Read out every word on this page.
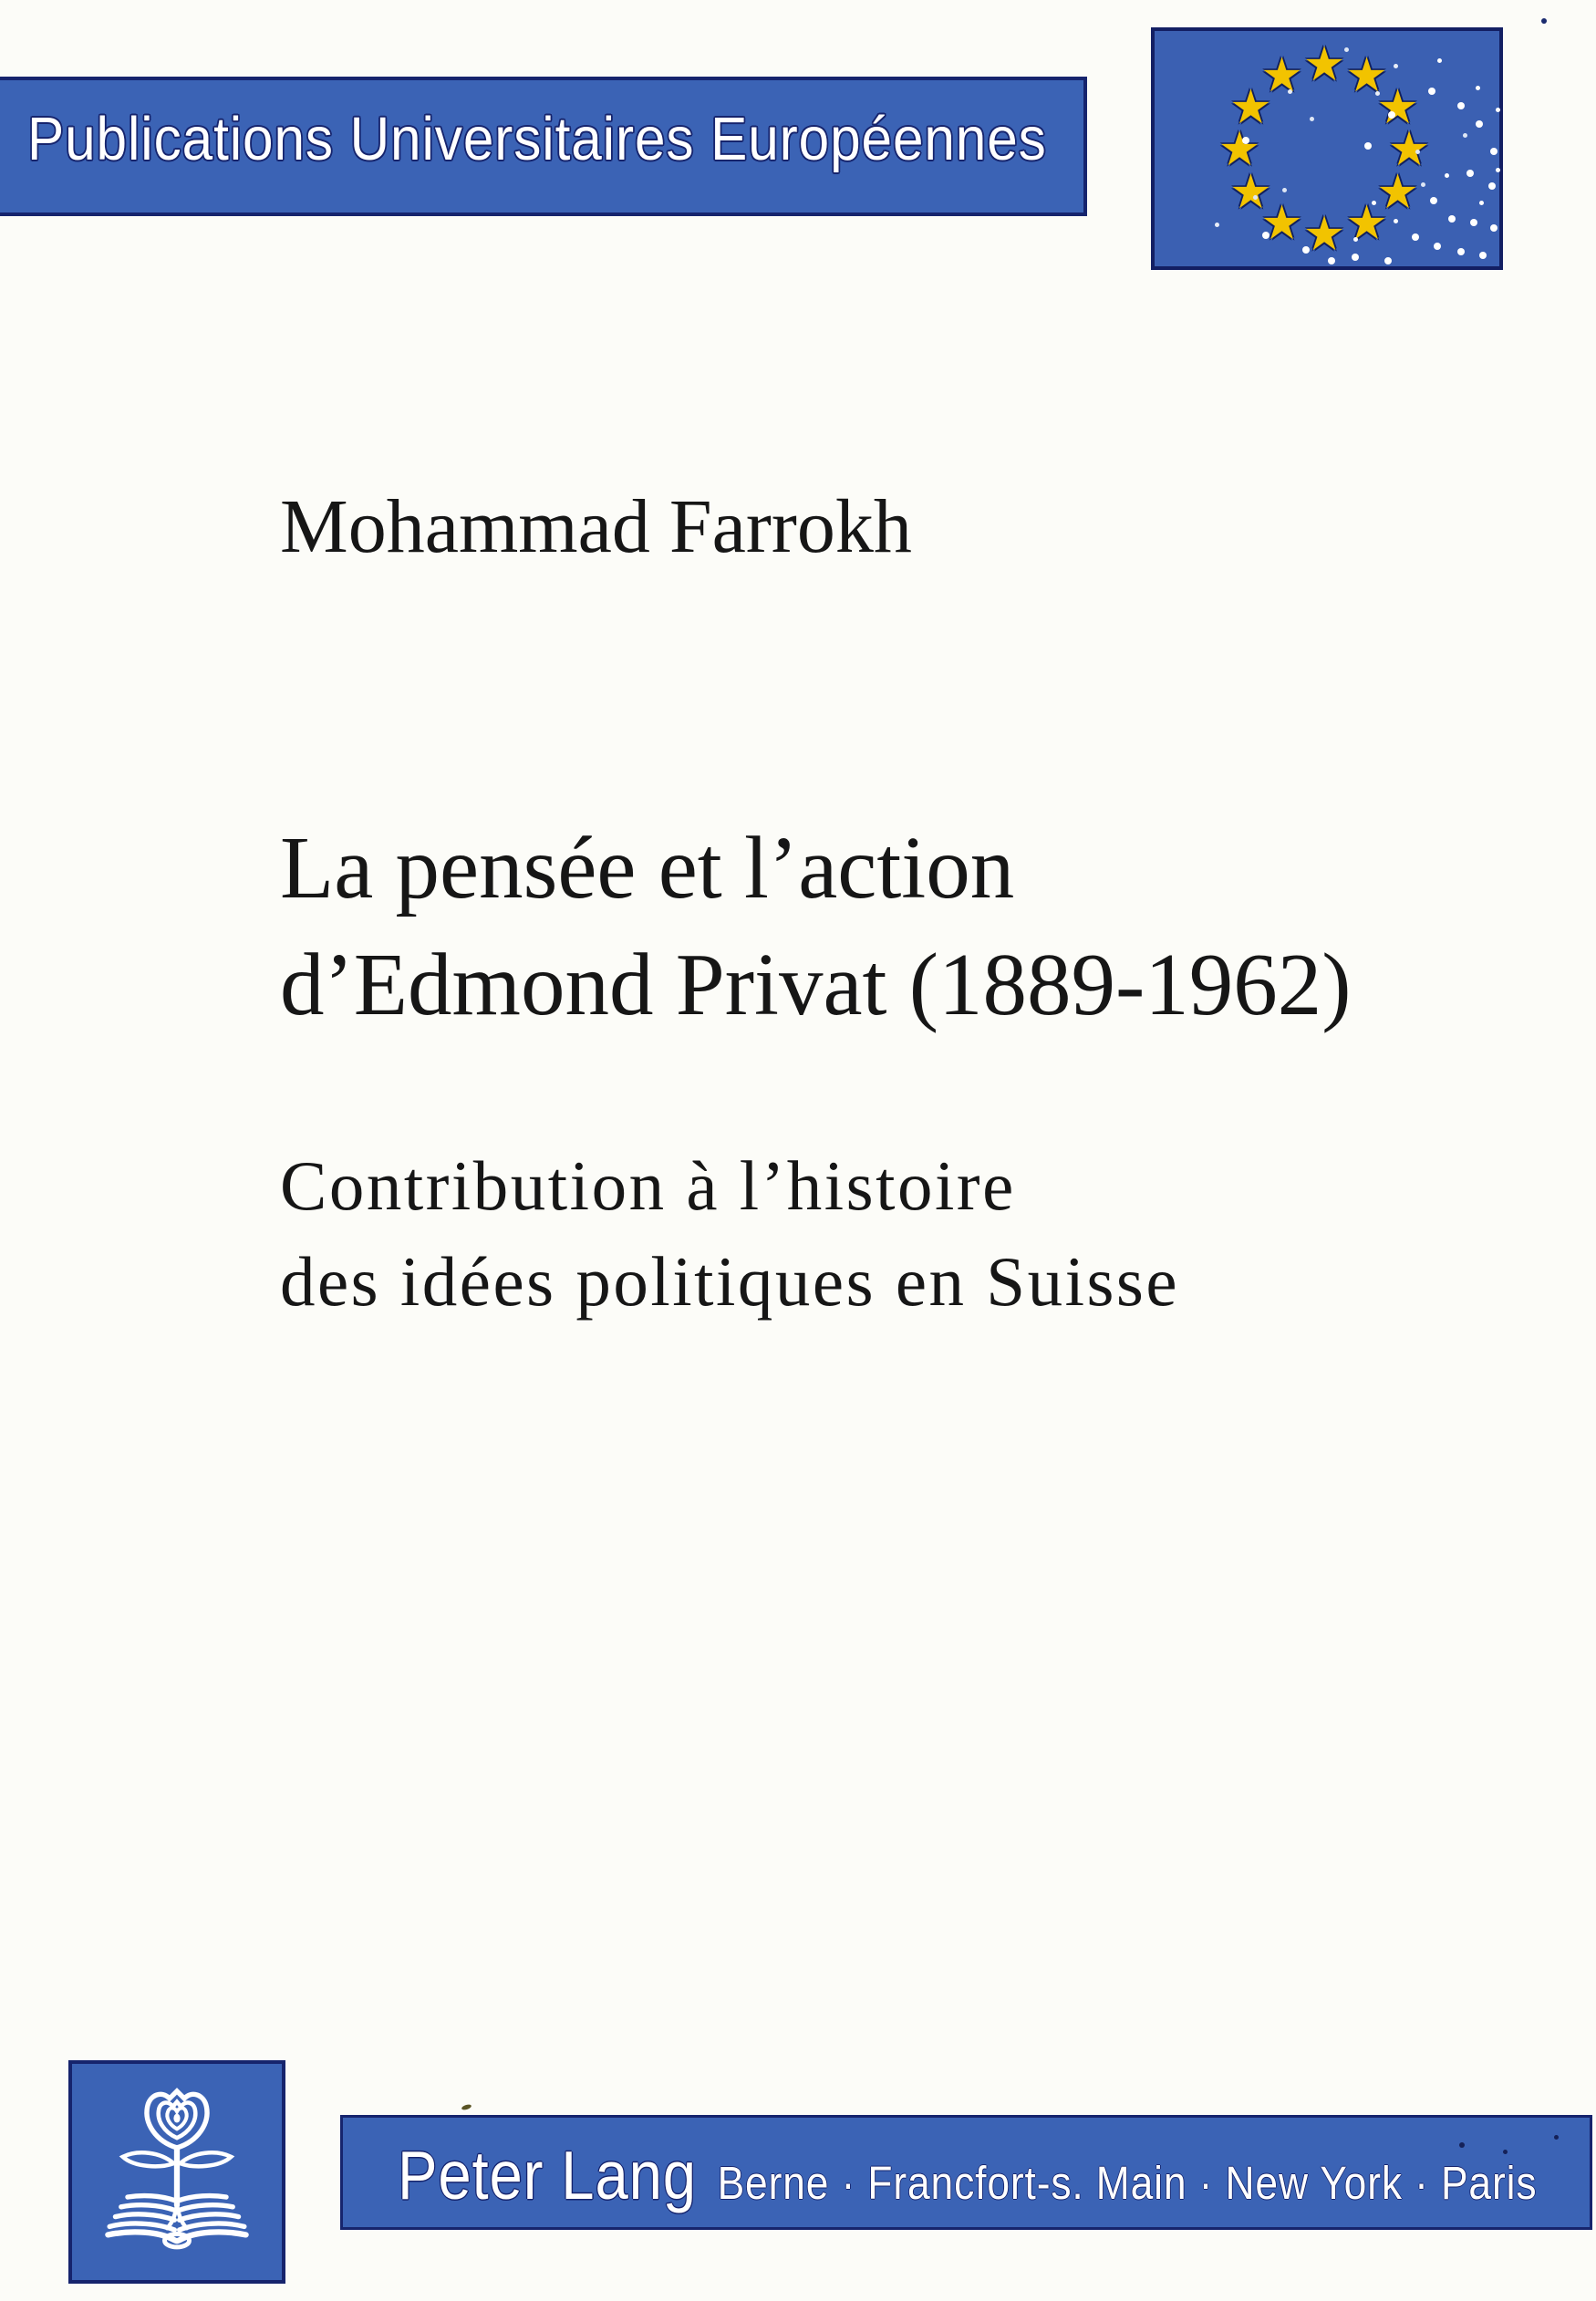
Publications Universitaires Européennes
★ ★
★
★
★
★
★
★
★
★
★
★
Mohammad Farrokh
La pensée et l’action
d’Edmond Privat (1889-1962)
Contribution à l’histoire
des idées politiques en Suisse
Peter Lang Berne · Francfort-s. Main · New York · Paris
